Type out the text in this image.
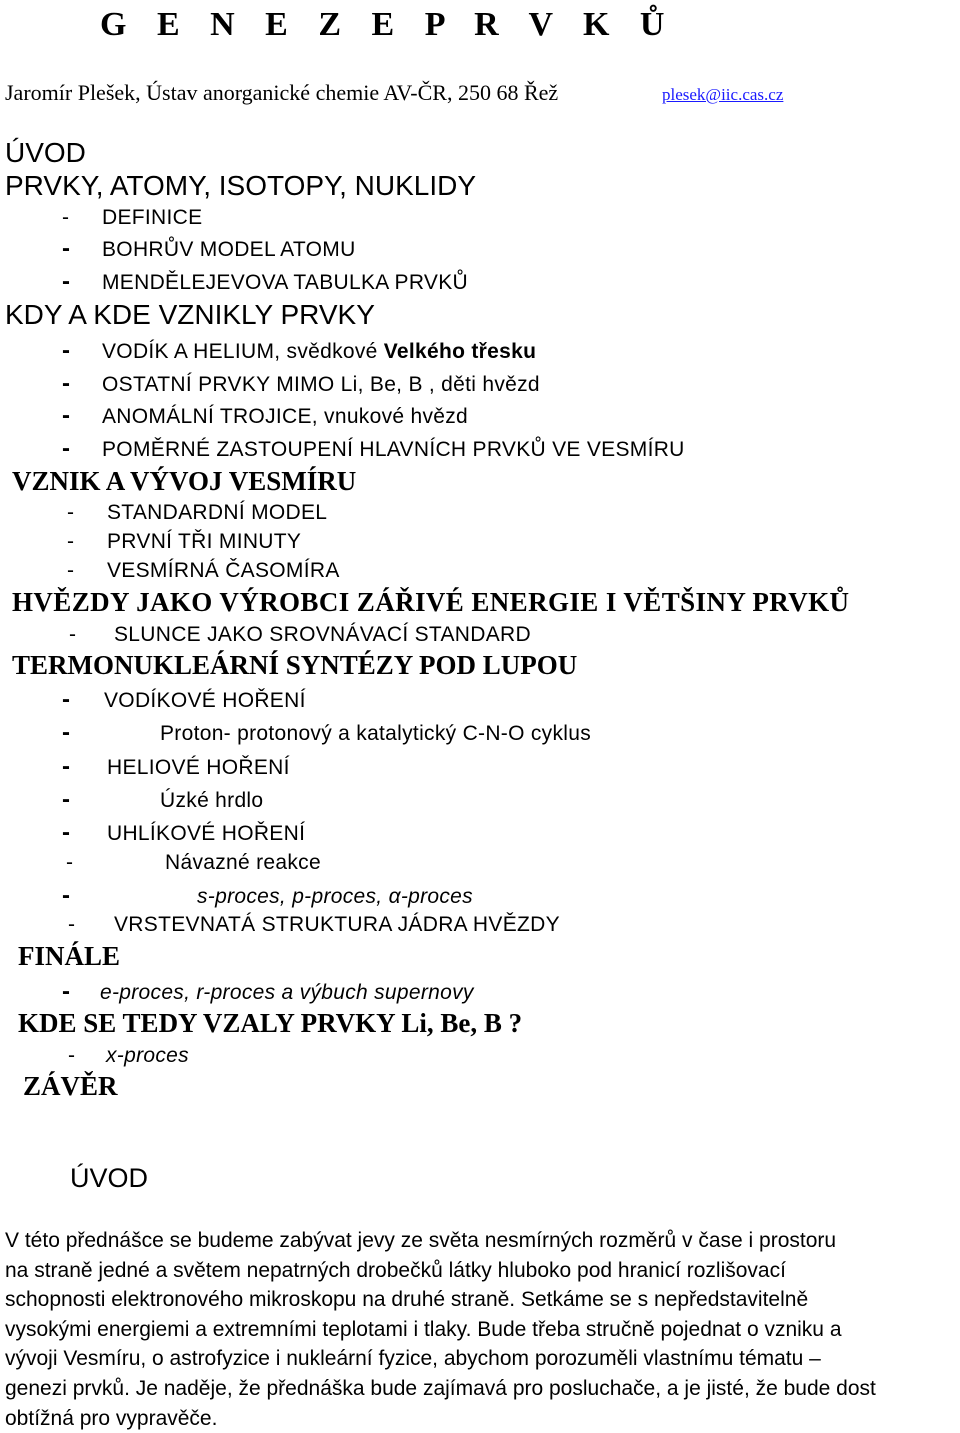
G E N E Z E P R V K Ů
Jaromír Plešek, Ústav anorganické chemie AV-ČR, 250 68 Řež	plesek@iic.cas.cz
ÚVOD
PRVKY, ATOMY, ISOTOPY, NUKLIDY
- DEFINICE
- BOHRŮV MODEL ATOMU
- MENDĚLEJEVOVA TABULKA PRVKŮ
KDY A KDE VZNIKLY PRVKY
- VODÍK A HELIUM, svědkové Velkého třesku
- OSTATNÍ PRVKY MIMO Li, Be, B , děti hvězd
- ANOMÁLNÍ TROJICE, vnukové hvězd
- POMĚRNÉ ZASTOUPENÍ HLAVNÍCH PRVKŮ VE VESMÍRU
VZNIK A VÝVOJ VESMÍRU
- STANDARDNÍ MODEL
- PRVNÍ TŘI MINUTY
- VESMÍRNÁ ČASOMÍRA
HVĚZDY JAKO VÝROBCI ZÁŘIVÉ ENERGIE I VĚTŠINY PRVKŮ
- SLUNCE JAKO SROVNÁVACÍ STANDARD
TERMONUKLEÁRNÍ SYNTÉZY POD LUPOU
- VODÍKOVÉ HOŘENÍ
-	Proton- protonový a katalytický C-N-O cyklus
- HELIOVÉ HOŘENÍ
-	Úzké hrdlo
- UHLÍKOVÉ HOŘENÍ
-	Návazné reakce
-	s-proces, p-proces, α-proces
- VRSTEVNATÁ STRUKTURA JÁDRA HVĚZDY
FINÁLE
- e-proces, r-proces a výbuch supernovy
KDE SE TEDY VZALY PRVKY Li, Be, B ?
- x-proces
ZÁVĚR
ÚVOD
V této přednášce se budeme zabývat jevy ze světa nesmírných rozměrů v čase i prostoru
na straně jedné a světem nepatrných drobečků látky hluboko pod hranicí rozlišovací
schopnosti elektronového mikroskopu na druhé straně. Setkáme se s nepředstavitelně
vysokými energiemi a extremními teplotami i tlaky. Bude třeba stručně pojednat o vzniku a
vývoji Vesmíru, o astrofyzice i nukleární fyzice, abychom porozuměli vlastnímu tématu –
genezi prvků. Je naděje, že přednáška bude zajímavá pro posluchače, a je jisté, že bude dost
obtížná pro vypravěče.
